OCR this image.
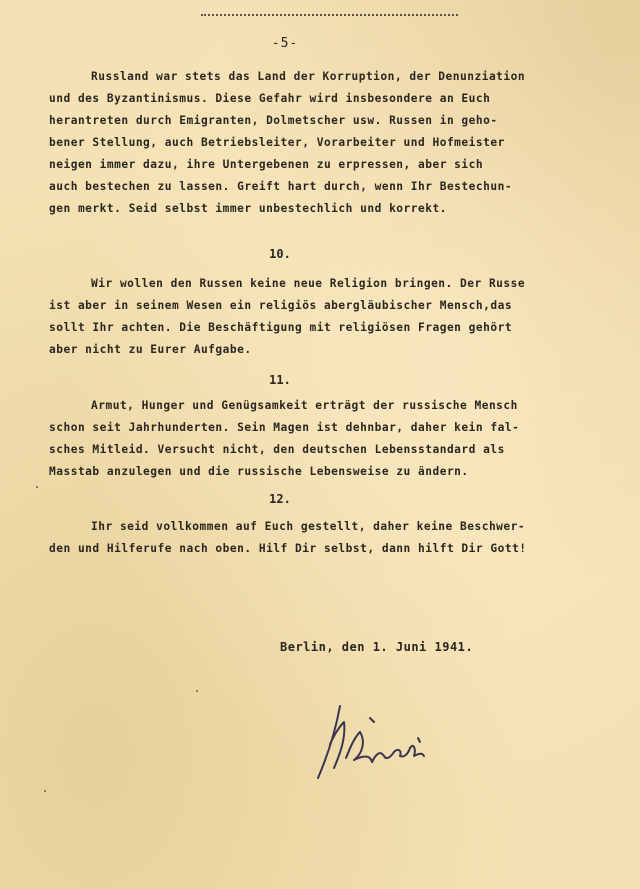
-5-
Russland war stets das Land der Korruption, der Denunziation
und des Byzantinismus. Diese Gefahr wird insbesondere an Euch
herantreten durch Emigranten, Dolmetscher usw. Russen in geho-
bener Stellung, auch Betriebsleiter, Vorarbeiter und Hofmeister
neigen immer dazu, ihre Untergebenen zu erpressen, aber sich
auch bestechen zu lassen. Greift hart durch, wenn Ihr Bestechun-
gen merkt. Seid selbst immer unbestechlich und korrekt.
10.
Wir wollen den Russen keine neue Religion bringen. Der Russe
ist aber in seinem Wesen ein religiös abergläubischer Mensch,das
sollt Ihr achten. Die Beschäftigung mit religiösen Fragen gehört
aber nicht zu Eurer Aufgabe.
11.
Armut, Hunger und Genügsamkeit erträgt der russische Mensch
schon seit Jahrhunderten. Sein Magen ist dehnbar, daher kein fal-
sches Mitleid. Versucht nicht, den deutschen Lebensstandard als
Masstab anzulegen und die russische Lebensweise zu ändern.
12.
Ihr seid vollkommen auf Euch gestellt, daher keine Beschwer-
den und Hilferufe nach oben. Hilf Dir selbst, dann hilft Dir Gott!
Berlin, den 1. Juni 1941.
